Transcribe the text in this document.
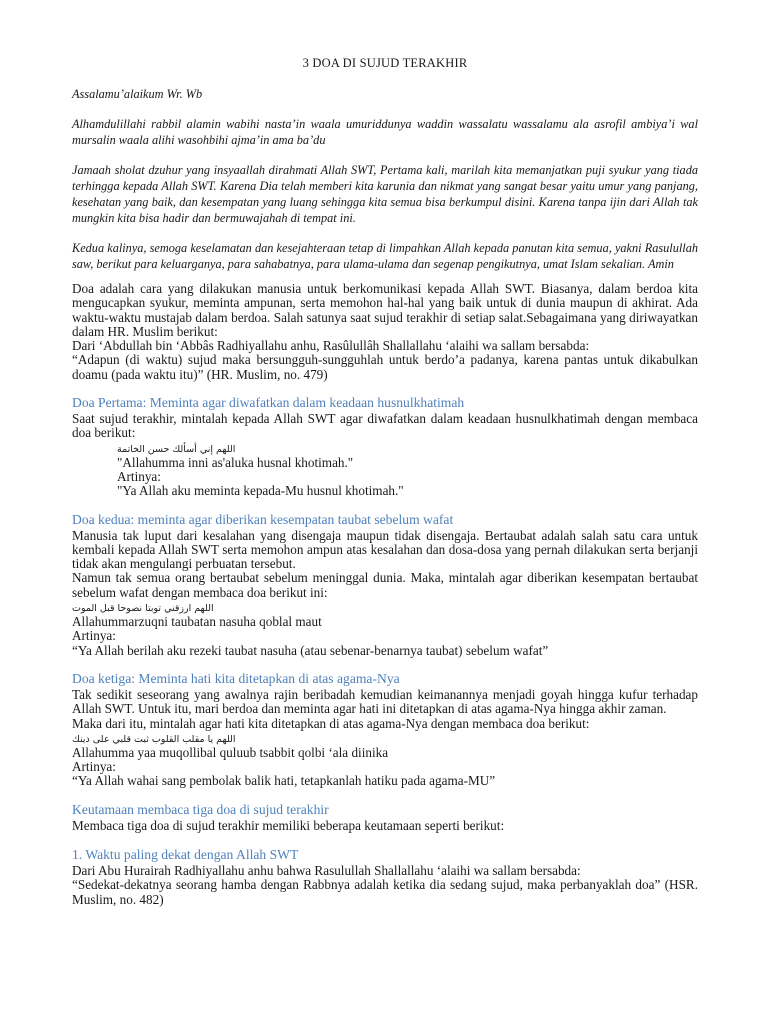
3 DOA DI SUJUD TERAKHIR

Assalamu’alaikum Wr. Wb

Alhamdulillahi rabbil alamin wabihi nasta’in waala umuriddunya waddin wassalatu wassalamu ala asrofil ambiya’i wal mursalin waala alihi wasohbihi ajma’in ama ba’du

Jamaah sholat dzuhur yang insyaallah dirahmati Allah SWT, Pertama kali, marilah kita memanjatkan puji syukur yang tiada terhingga kepada Allah SWT. Karena Dia telah memberi kita karunia dan nikmat yang sangat besar yaitu umur yang panjang, kesehatan yang baik, dan kesempatan yang luang sehingga kita semua bisa berkumpul disini. Karena tanpa ijin dari Allah tak mungkin kita bisa hadir dan bermuwajahah di tempat ini.

Kedua kalinya, semoga keselamatan dan kesejahteraan tetap di limpahkan Allah kepada panutan kita semua, yakni Rasulullah saw, berikut para keluarganya, para sahabatnya, para ulama-ulama dan segenap pengikutnya, umat Islam sekalian. Amin

Doa adalah cara yang dilakukan manusia untuk berkomunikasi kepada Allah SWT. Biasanya, dalam berdoa kita mengucapkan syukur, meminta ampunan, serta memohon hal-hal yang baik untuk di dunia maupun di akhirat. Ada waktu-waktu mustajab dalam berdoa. Salah satunya saat sujud terakhir di setiap salat.Sebagaimana yang diriwayatkan dalam HR. Muslim berikut:

Dari ‘Abdullah bin ‘Abbâs Radhiyallahu anhu, Rasûlullâh Shallallahu ‘alaihi wa sallam bersabda:

“Adapun (di waktu) sujud maka bersungguh-sungguhlah untuk berdo’a padanya, karena pantas untuk dikabulkan doamu (pada waktu itu)” (HR. Muslim, no. 479)

Doa Pertama: Meminta agar diwafatkan dalam keadaan husnulkhatimah

Saat sujud terakhir, mintalah kepada Allah SWT agar diwafatkan dalam keadaan husnulkhatimah dengan membaca doa berikut:

اللهم إني أسألك حسن الخاتمة

"Allahumma inni as'aluka husnal khotimah."

Artinya:

"Ya Allah aku meminta kepada-Mu husnul khotimah."

Doa kedua: meminta agar diberikan kesempatan taubat sebelum wafat

Manusia tak luput dari kesalahan yang disengaja maupun tidak disengaja. Bertaubat adalah salah satu cara untuk kembali kepada Allah SWT serta memohon ampun atas kesalahan dan dosa-dosa yang pernah dilakukan serta berjanji tidak akan mengulangi perbuatan tersebut.

Namun tak semua orang bertaubat sebelum meninggal dunia. Maka, mintalah agar diberikan kesempatan bertaubat sebelum wafat dengan membaca doa berikut ini:

اللهم ارزقني توبتا نصوحا قبل الموت

Allahummarzuqni taubatan nasuha qoblal maut

Artinya:

“Ya Allah berilah aku rezeki taubat nasuha (atau sebenar-benarnya taubat) sebelum wafat”

Doa ketiga: Meminta hati kita ditetapkan di atas agama-Nya

Tak sedikit seseorang yang awalnya rajin beribadah kemudian keimanannya menjadi goyah hingga kufur terhadap Allah SWT. Untuk itu, mari berdoa dan meminta agar hati ini ditetapkan di atas agama-Nya hingga akhir zaman.

Maka dari itu, mintalah agar hati kita ditetapkan di atas agama-Nya dengan membaca doa berikut:

اللهم يا مقلب القلوب ثبت قلبي على دينك

Allahumma yaa muqollibal quluub tsabbit qolbi ‘ala diinika

Artinya:

“Ya Allah wahai sang pembolak balik hati, tetapkanlah hatiku pada agama-MU”

Keutamaan membaca tiga doa di sujud terakhir

Membaca tiga doa di sujud terakhir memiliki beberapa keutamaan seperti berikut:

1. Waktu paling dekat dengan Allah SWT

Dari Abu Hurairah Radhiyallahu anhu bahwa Rasulullah Shallallahu ‘alaihi wa sallam bersabda:

“Sedekat-dekatnya seorang hamba dengan Rabbnya adalah ketika dia sedang sujud, maka perbanyaklah doa” (HSR. Muslim, no. 482)
